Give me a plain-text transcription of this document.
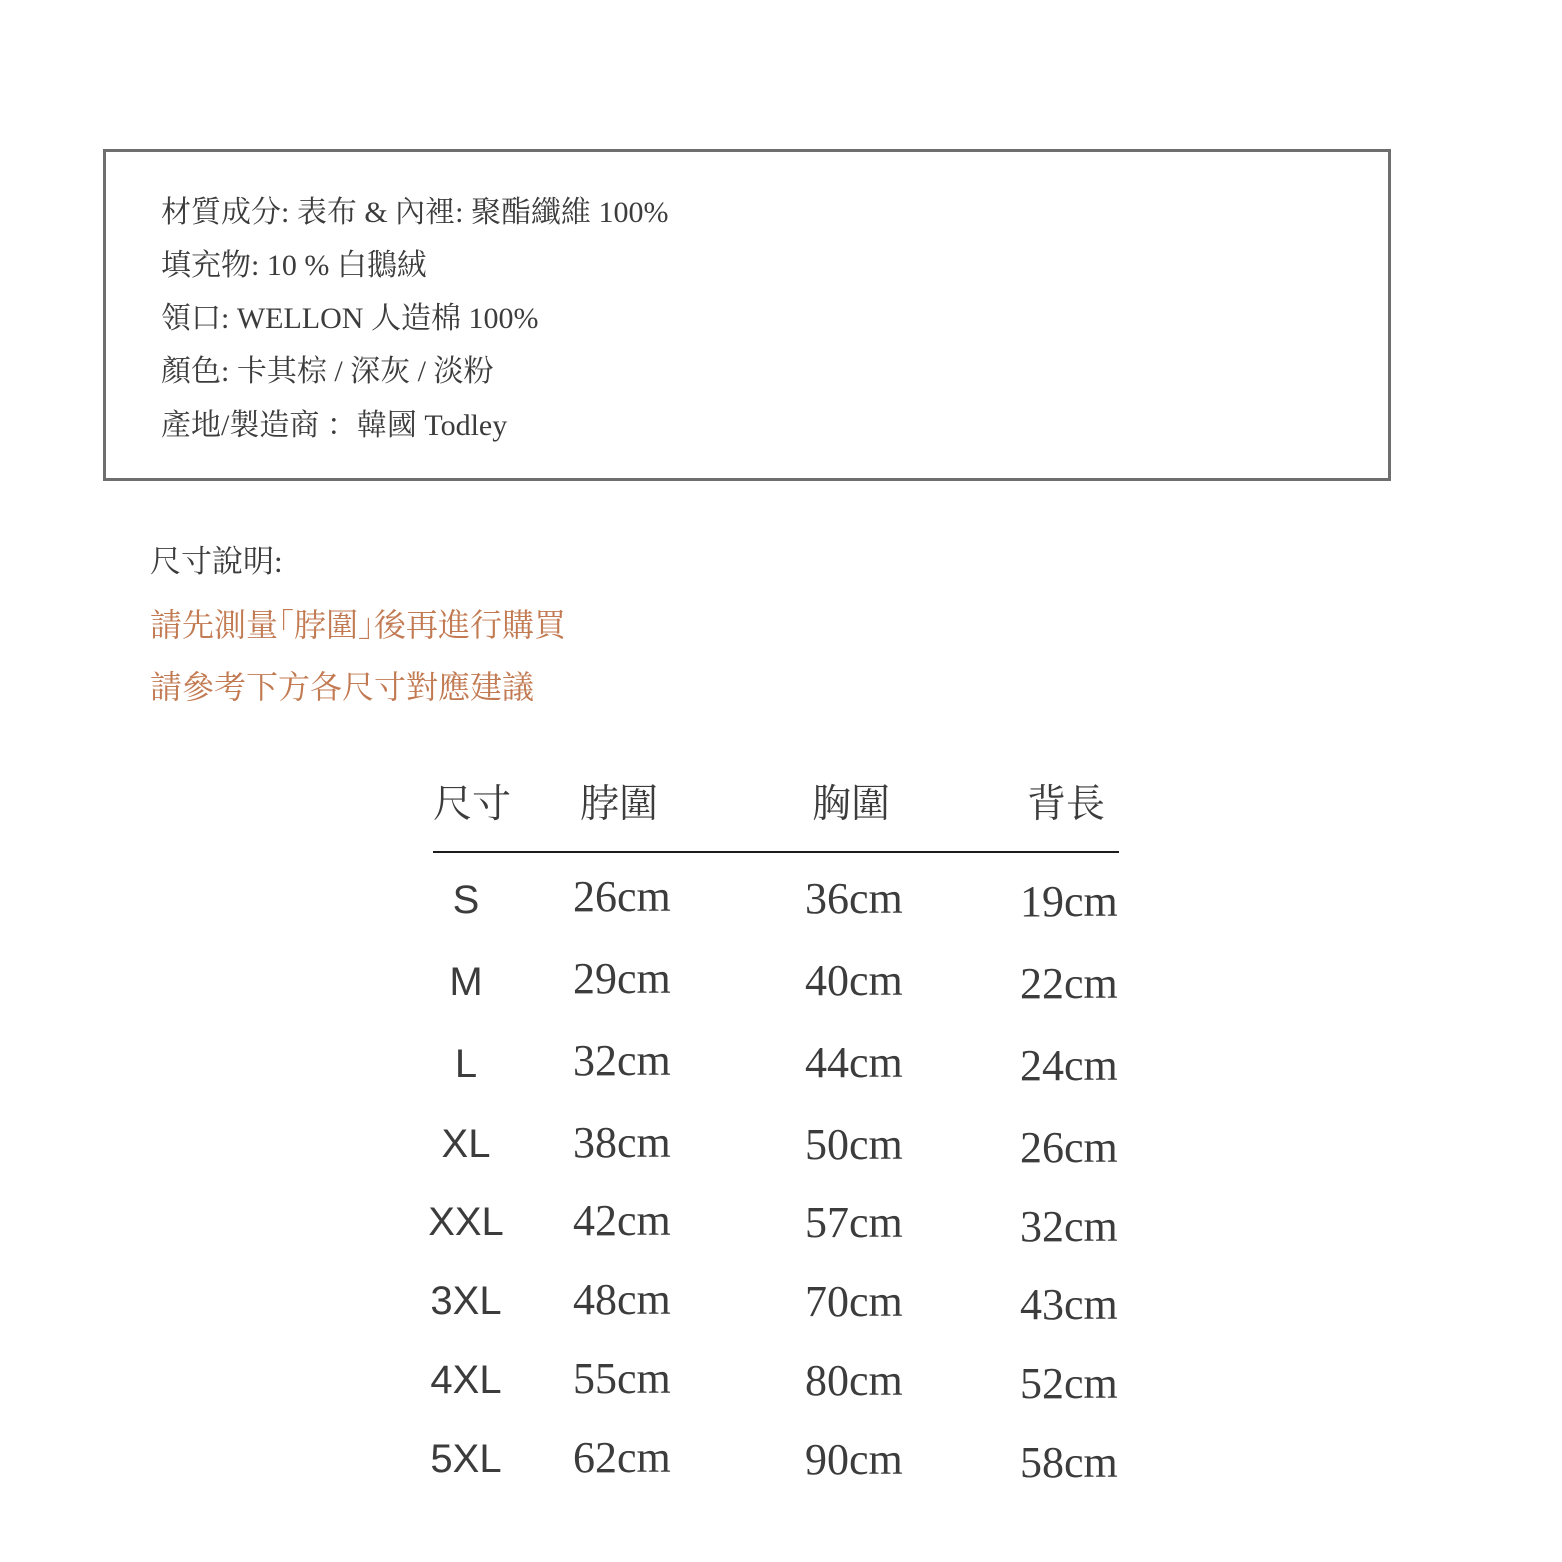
材質成分: 表布 & 內裡: 聚酯纖維 100%
填充物: 10 % 白鵝絨
領口: WELLON 人造棉 100%
顏色: 卡其棕 / 深灰 / 淡粉
產地/製造商 ：韓國 Todley
尺寸說明:
請先測量｢脖圍｣後再進行購買
請參考下方各尺寸對應建議
尺寸 脖圍	胸圍	背長
S	26cm	36cm	19cm
M	29cm	40cm	22cm
L	32cm	44cm	24cm
XL	38cm	50cm	26cm
XXL 42cm	57cm	32cm
3XL 48cm	70cm	43cm
4XL 55cm	80cm	52cm
5XL 62cm	90cm	58cm
